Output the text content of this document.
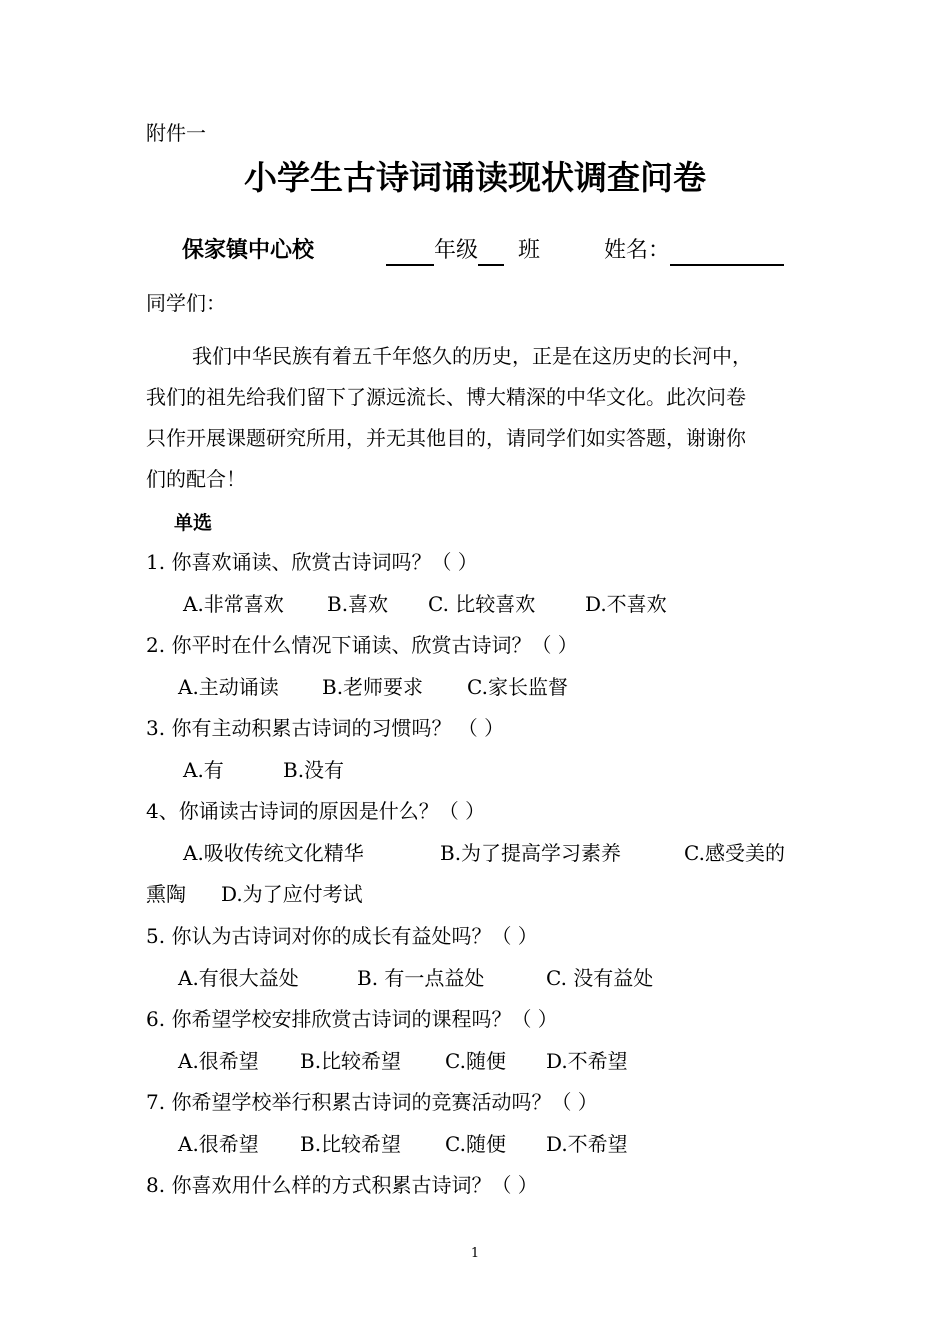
附件一
小学生古诗词诵读现状调查问卷
保家镇中心校	年级 班	姓名：
同学们：
我们中华民族有着五千年悠久的历史，正是在这历史的长河中，
我们的祖先给我们留下了源远流长、博大精深的中华文化。此次问卷
只作开展课题研究所用，并无其他目的，请同学们如实答题，谢谢你
们的配合！
单选
1. 你喜欢诵读、欣赏古诗词吗？（ ）
A.非常喜欢 B.喜欢 C. 比较喜欢 D.不喜欢
2. 你平时在什么情况下诵读、欣赏古诗词？（ ）
A.主动诵读 B.老师要求 C.家长监督
3. 你有主动积累古诗词的习惯吗？ （ ）
A.有	B.没有
4、你诵读古诗词的原因是什么？（ ）
A.吸收传统文化精华	B.为了提高学习素养	C.感受美的
熏陶 D.为了应付考试
5. 你认为古诗词对你的成长有益处吗？（ ）
A.有很大益处	B. 有一点益处	C. 没有益处
6. 你希望学校安排欣赏古诗词的课程吗？（ ）
A.很希望 B.比较希望 C.随便 D.不希望
7. 你希望学校举行积累古诗词的竞赛活动吗？（ ）
A.很希望 B.比较希望 C.随便 D.不希望
8. 你喜欢用什么样的方式积累古诗词？（ ）
1
